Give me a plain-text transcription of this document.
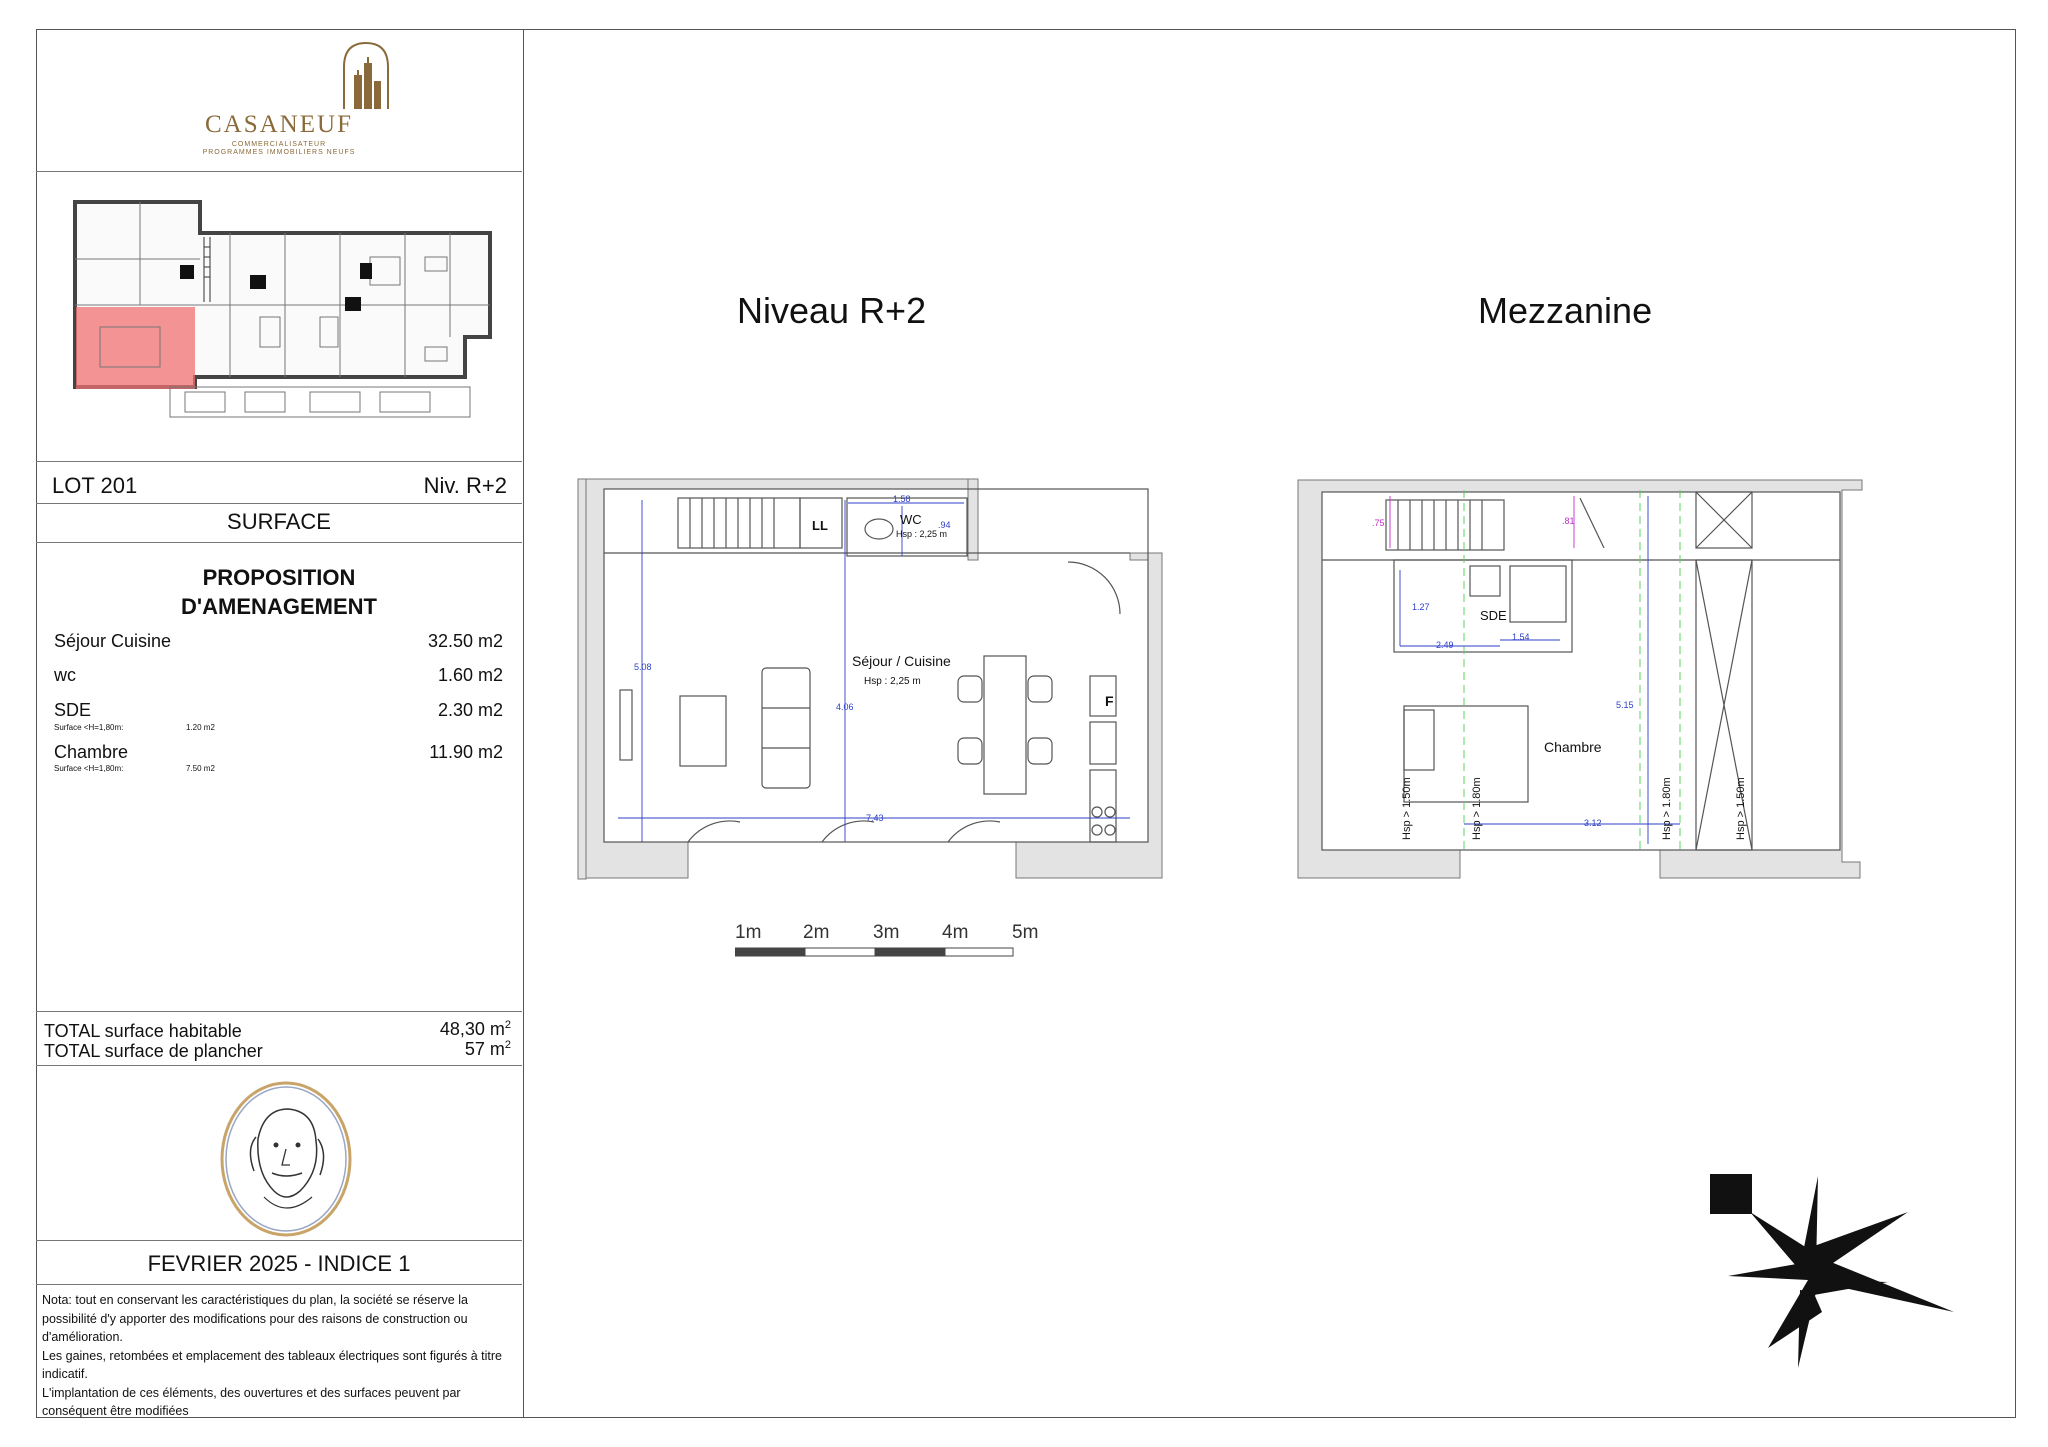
CASANEUF
COMMERCIALISATEUR
PROGRAMMES IMMOBILIERS NEUFS
LOT 201	Niv. R+2
SURFACE
PROPOSITION
D'AMENAGEMENT
Séjour Cuisine	32.50 m2
wc	1.60 m2
SDE	2.30 m2
Surface <H=1,80m:	1.20 m2
Chambre	11.90 m2
Surface <H=1,80m:	7.50 m2
TOTAL surface habitable	48,30 $m^2$
TOTAL surface de plancher	57 $m^2$
FEVRIER 2025 - INDICE 1
Nota: tout en conservant les caractéristiques du plan, la société se réserve la possibilité d'y apporter des modifications pour des raisons de construction ou d'amélioration.
Les gaines, retombées et emplacement des tableaux électriques sont figurés à titre indicatif.
L'implantation de ces éléments, des ouvertures et des surfaces peuvent par conséquent être modifiées
Niveau R+2	Mezzanine
Séjour / Cuisine
Hsp : 2,25 m
WC
Hsp : 2,25 m
LL
F
1.58
.94
5.08
4.06
7.43
Chambre
SDE
.75	.81
1.27
2.49
1.54
5.15
3.12
Hsp > 1.50m	Hsp > 1.80m	Hsp > 1.80m	Hsp > 1.50m
1m 2m 3m 4m 5m
